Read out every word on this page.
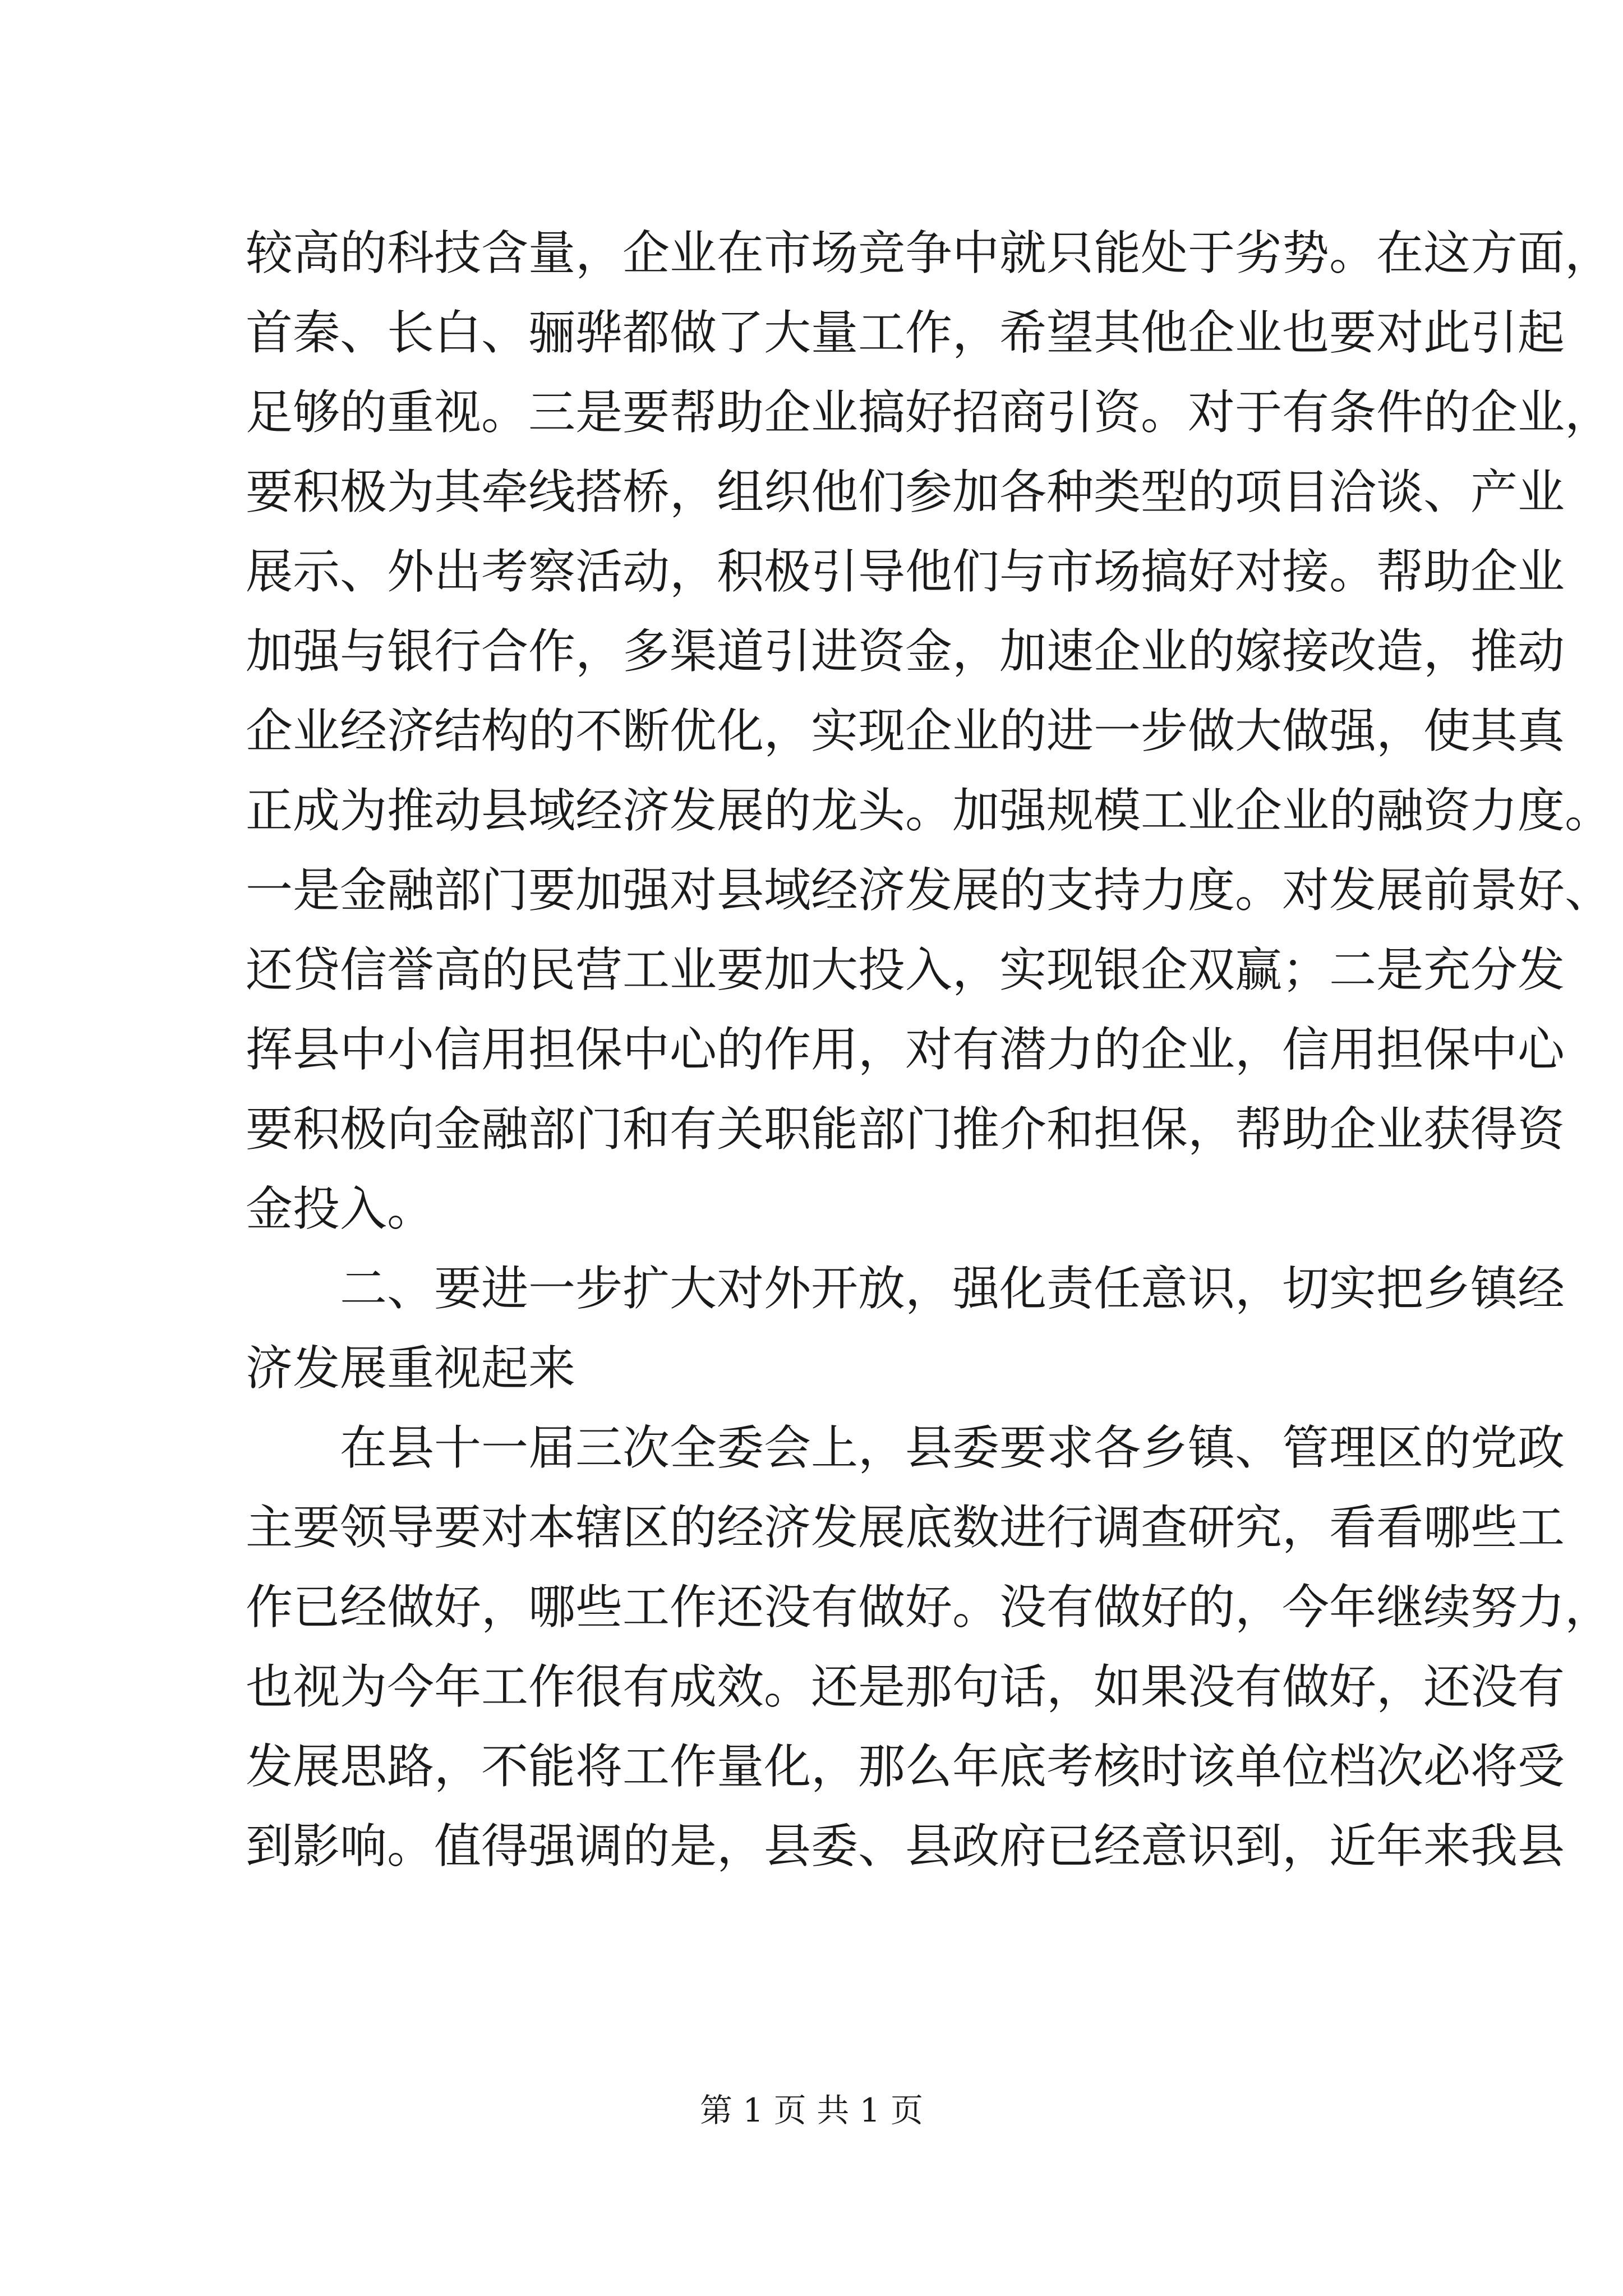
较高的科技含量，企业在市场竞争中就只能处于劣势。在这方面，
首秦、长白、骊骅都做了大量工作，希望其他企业也要对此引起
足够的重视。三是要帮助企业搞好招商引资。对于有条件的企业，
要积极为其牵线搭桥，组织他们参加各种类型的项目洽谈、产业
展示、外出考察活动，积极引导他们与市场搞好对接。帮助企业
加强与银行合作，多渠道引进资金，加速企业的嫁接改造，推动
企业经济结构的不断优化，实现企业的进一步做大做强，使其真
正成为推动县域经济发展的龙头。加强规模工业企业的融资力度。
一是金融部门要加强对县域经济发展的支持力度。对发展前景好、
还贷信誉高的民营工业要加大投入，实现银企双赢；二是充分发
挥县中小信用担保中心的作用，对有潜力的企业，信用担保中心
要积极向金融部门和有关职能部门推介和担保，帮助企业获得资
金投入。
二、要进一步扩大对外开放，强化责任意识，切实把乡镇经
济发展重视起来
在县十一届三次全委会上，县委要求各乡镇、管理区的党政
主要领导要对本辖区的经济发展底数进行调查研究，看看哪些工
作已经做好，哪些工作还没有做好。没有做好的，今年继续努力，
也视为今年工作很有成效。还是那句话，如果没有做好，还没有
发展思路，不能将工作量化，那么年底考核时该单位档次必将受
到影响。值得强调的是，县委、县政府已经意识到，近年来我县
第 1 页 共 1 页
